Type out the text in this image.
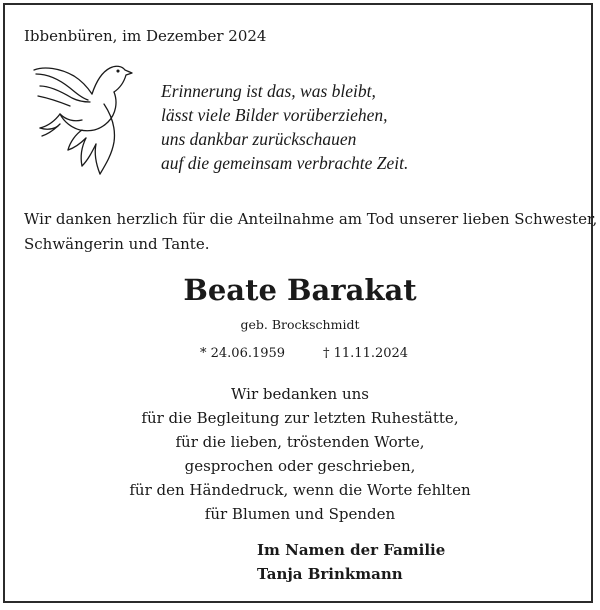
Ibbenbüren, im Dezember 2024
Erinnerung ist das, was bleibt,
lässt viele Bilder vorüberziehen,
uns dankbar zurückschauen
auf die gemeinsam verbrachte Zeit.
Wir danken herzlich für die Anteilnahme am Tod unserer lieben Schwester,
Schwängerin und Tante.
Beate Barakat
geb. Brockschmidt
* 24.06.1959	† 11.11.2024
Wir bedanken uns
für die Begleitung zur letzten Ruhestätte,
für die lieben, tröstenden Worte,
gesprochen oder geschrieben,
für den Händedruck, wenn die Worte fehlten
für Blumen und Spenden
Im Namen der Familie
Tanja Brinkmann
